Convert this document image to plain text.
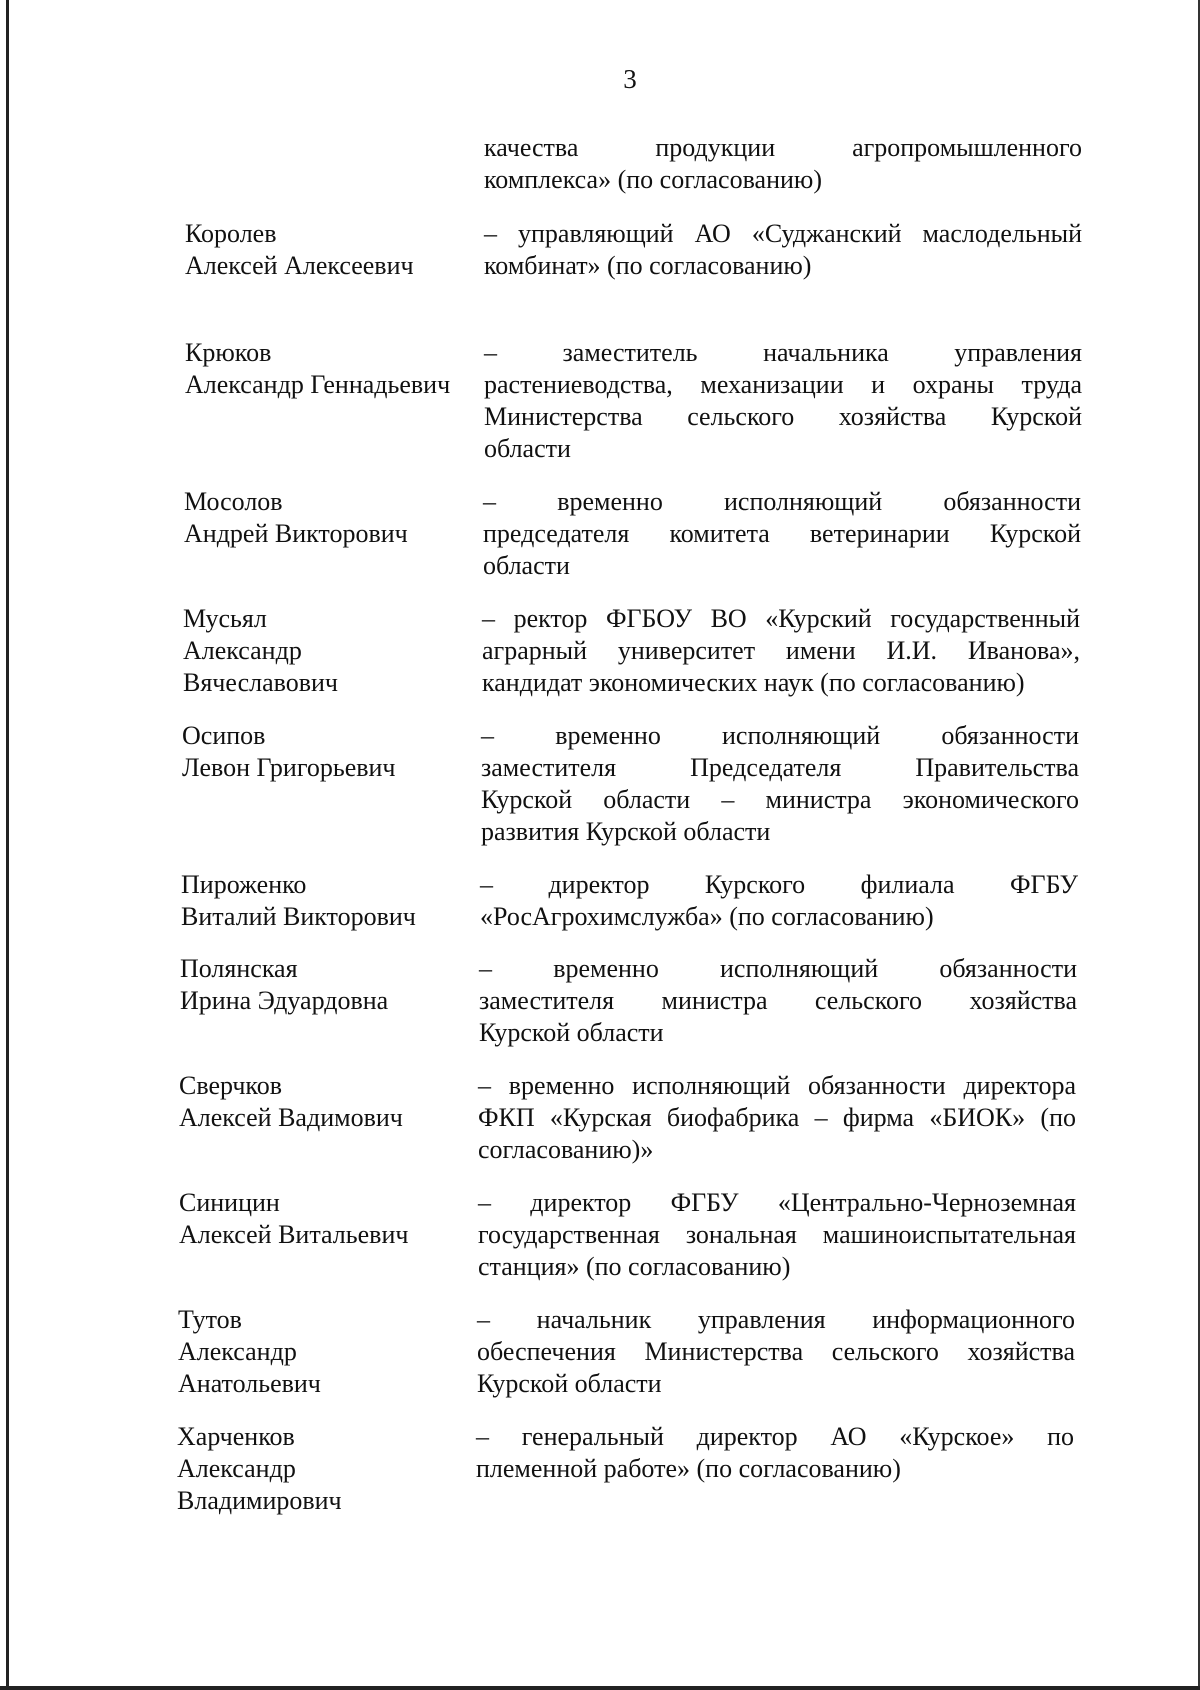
3
качества продукции агропромышленного
комплекса» (по согласованию)
Королев
Алексей Алексеевич
– управляющий АО «Суджанский маслодельный
комбинат» (по согласованию)
Крюков
Александр Геннадьевич
– заместитель начальника управления
растениеводства, механизации и охраны труда
Министерства сельского хозяйства Курской
области
Мосолов
Андрей Викторович
– временно исполняющий обязанности
председателя комитета ветеринарии Курской
области
Мусьял
Александр
Вячеславович
– ректор ФГБОУ ВО «Курский государственный
аграрный университет имени И.И. Иванова»,
кандидат экономических наук (по согласованию)
Осипов
Левон Григорьевич
– временно исполняющий обязанности
заместителя Председателя Правительства
Курской области – министра экономического
развития Курской области
Пироженко
Виталий Викторович
– директор Курского филиала ФГБУ
«РосАгрохимслужба» (по согласованию)
Полянская
Ирина Эдуардовна
– временно исполняющий обязанности
заместителя министра сельского хозяйства
Курской области
Сверчков
Алексей Вадимович
– временно исполняющий обязанности директора
ФКП «Курская биофабрика – фирма «БИОК» (по
согласованию)»
Синицин
Алексей Витальевич
– директор ФГБУ «Центрально-Черноземная
государственная зональная машиноиспытательная
станция» (по согласованию)
Тутов
Александр
Анатольевич
– начальник управления информационного
обеспечения Министерства сельского хозяйства
Курской области
Харченков
Александр
Владимирович
– генеральный директор АО «Курское» по
племенной работе» (по согласованию)
